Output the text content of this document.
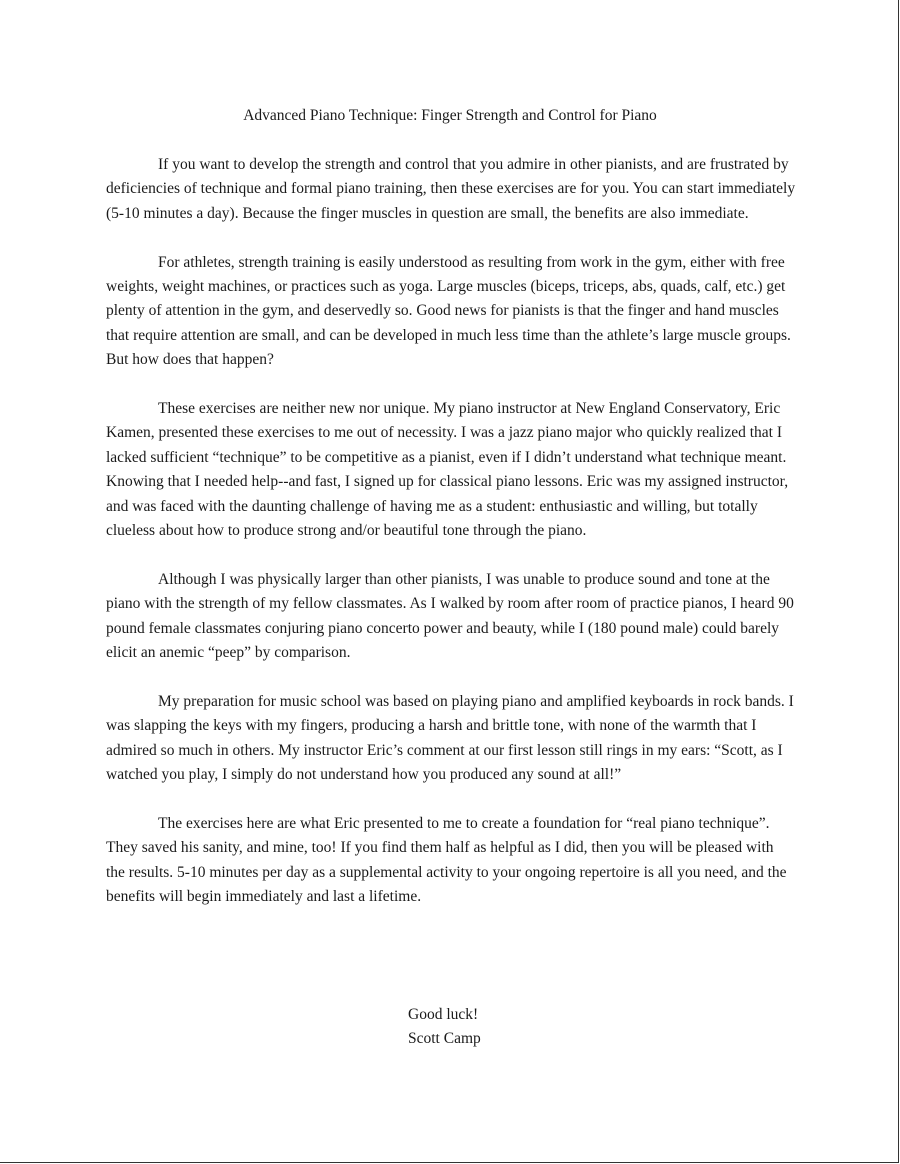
Advanced Piano Technique: Finger Strength and Control for Piano

If you want to develop the strength and control that you admire in other pianists, and are frustrated by deficiencies of technique and formal piano training, then these exercises are for you. You can start immediately (5-10 minutes a day). Because the finger muscles in question are small, the benefits are also immediate.

For athletes, strength training is easily understood as resulting from work in the gym, either with free weights, weight machines, or practices such as yoga. Large muscles (biceps, triceps, abs, quads, calf, etc.) get plenty of attention in the gym, and deservedly so. Good news for pianists is that the finger and hand muscles that require attention are small, and can be developed in much less time than the athlete’s large muscle groups. But how does that happen?

These exercises are neither new nor unique. My piano instructor at New England Conservatory, Eric Kamen, presented these exercises to me out of necessity. I was a jazz piano major who quickly realized that I lacked sufficient “technique” to be competitive as a pianist, even if I didn’t understand what technique meant. Knowing that I needed help--and fast, I signed up for classical piano lessons. Eric was my assigned instructor, and was faced with the daunting challenge of having me as a student: enthusiastic and willing, but totally clueless about how to produce strong and/or beautiful tone through the piano.

Although I was physically larger than other pianists, I was unable to produce sound and tone at the piano with the strength of my fellow classmates. As I walked by room after room of practice pianos, I heard 90 pound female classmates conjuring piano concerto power and beauty, while I (180 pound male) could barely elicit an anemic “peep” by comparison.

My preparation for music school was based on playing piano and amplified keyboards in rock bands. I was slapping the keys with my fingers, producing a harsh and brittle tone, with none of the warmth that I admired so much in others. My instructor Eric’s comment at our first lesson still rings in my ears: “Scott, as I watched you play, I simply do not understand how you produced any sound at all!”

The exercises here are what Eric presented to me to create a foundation for “real piano technique”. They saved his sanity, and mine, too! If you find them half as helpful as I did, then you will be pleased with the results. 5-10 minutes per day as a supplemental activity to your ongoing repertoire is all you need, and the benefits will begin immediately and last a lifetime.

Good luck!
Scott Camp
